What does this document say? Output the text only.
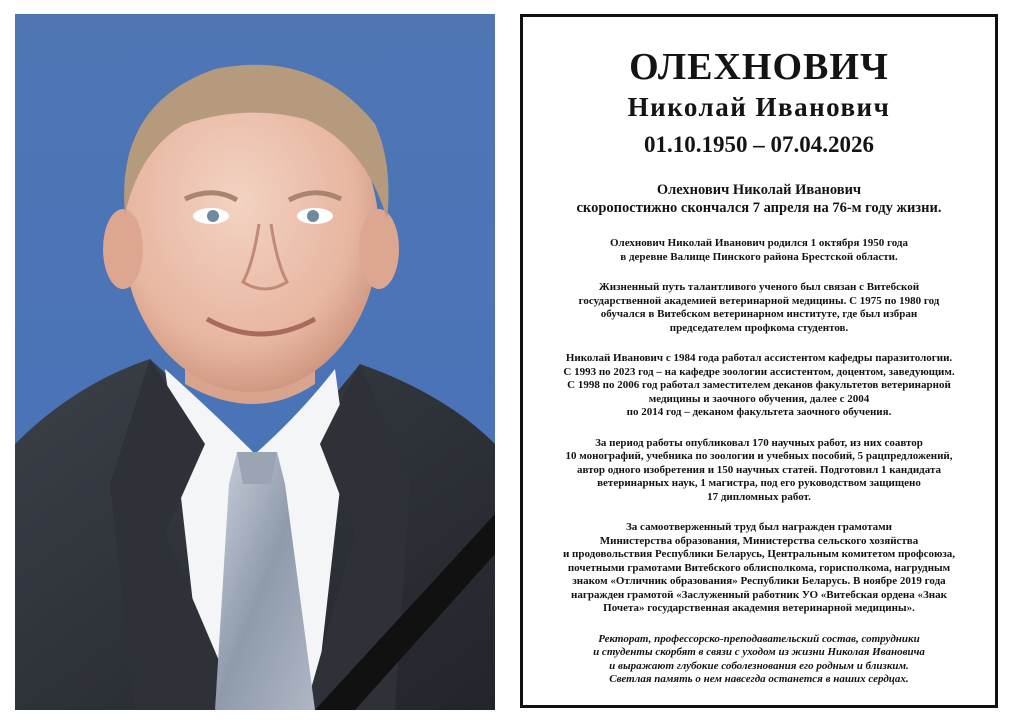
ОЛЕХНОВИЧ
Николай Иванович
01.10.1950 – 07.04.2026
Олехнович Николай Иванович
скоропостижно скончался 7 апреля на 76-м году жизни.
Олехнович Николай Иванович родился 1 октября 1950 года
в деревне Валище Пинского района Брестской области.
Жизненный путь талантливого ученого был связан с Витебской
государственной академией ветеринарной медицины. С 1975 по 1980 год
обучался в Витебском ветеринарном институте, где был избран
председателем профкома студентов.
Николай Иванович с 1984 года работал ассистентом кафедры паразитологии.
С 1993 по 2023 год – на кафедре зоологии ассистентом, доцентом, заведующим.
С 1998 по 2006 год работал заместителем деканов факультетов ветеринарной
медицины и заочного обучения, далее с 2004
по 2014 год – деканом факультета заочного обучения.
За период работы опубликовал 170 научных работ, из них соавтор
10 монографий, учебника по зоологии и учебных пособий, 5 рацпредложений,
автор одного изобретения и 150 научных статей. Подготовил 1 кандидата
ветеринарных наук, 1 магистра, под его руководством защищено
17 дипломных работ.
За самоотверженный труд был награжден грамотами
Министерства образования, Министерства сельского хозяйства
и продовольствия Республики Беларусь, Центральным комитетом профсоюза,
почетными грамотами Витебского облисполкома, горисполкома, нагрудным
знаком «Отличник образования» Республики Беларусь. В ноябре 2019 года
награжден грамотой «Заслуженный работник УО «Витебская ордена «Знак
Почета» государственная академия ветеринарной медицины».
Ректорат, профессорско-преподавательский состав, сотрудники
и студенты скорбят в связи с уходом из жизни Николая Ивановича
и выражают глубокие соболезнования его родным и близким.
Светлая память о нем навсегда останется в наших сердцах.
